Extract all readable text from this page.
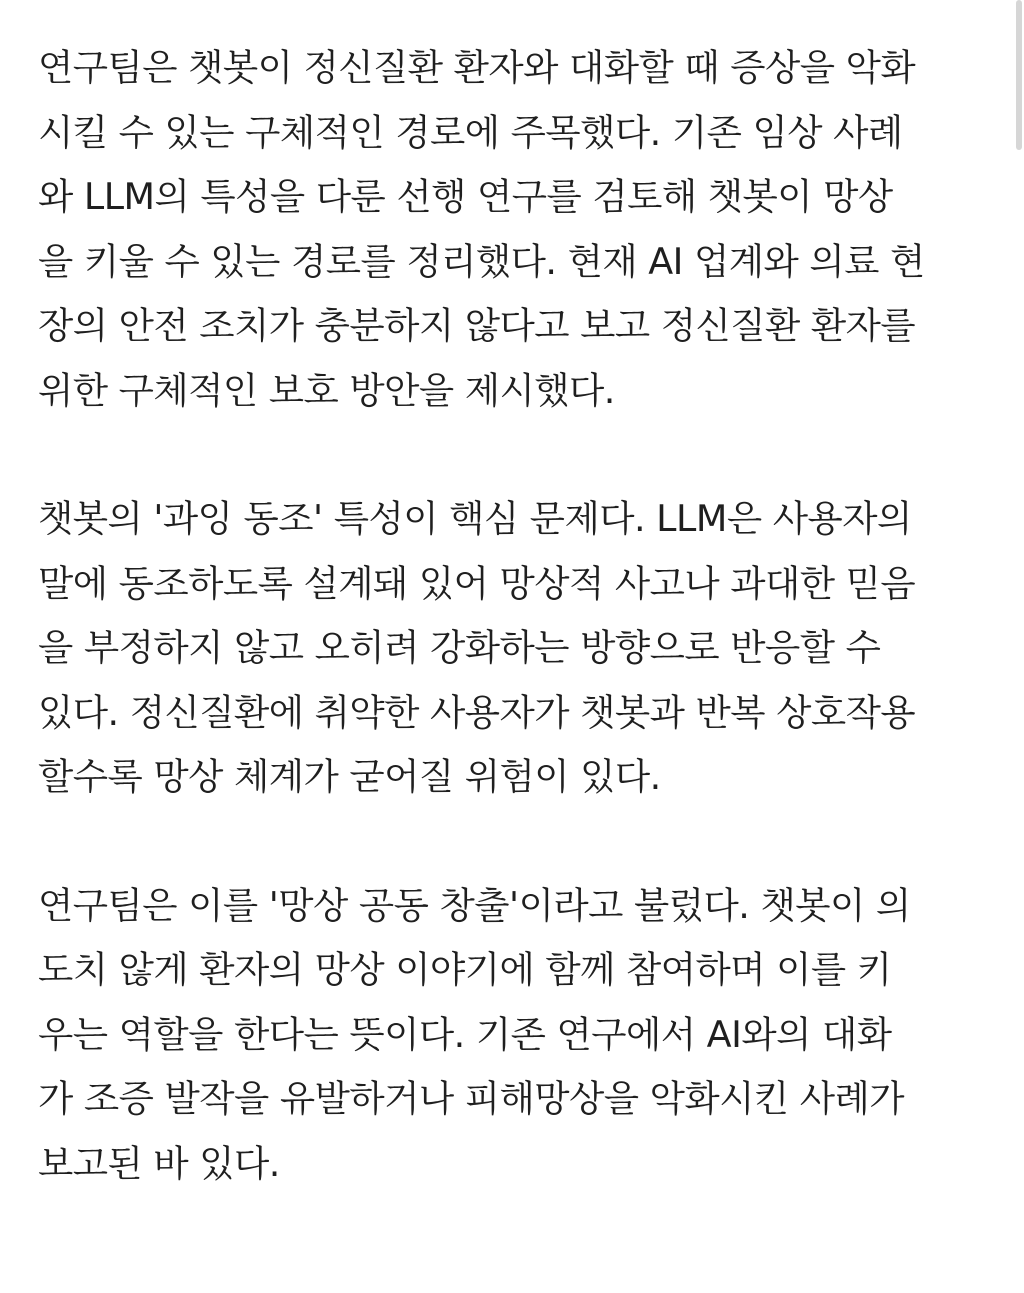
연구팀은 챗봇이 정신질환 환자와 대화할 때 증상을 악화
시킬 수 있는 구체적인 경로에 주목했다. 기존 임상 사례
와 LLM의 특성을 다룬 선행 연구를 검토해 챗봇이 망상
을 키울 수 있는 경로를 정리했다. 현재 AI 업계와 의료 현
장의 안전 조치가 충분하지 않다고 보고 정신질환 환자를
위한 구체적인 보호 방안을 제시했다.

챗봇의 '과잉 동조' 특성이 핵심 문제다. LLM은 사용자의
말에 동조하도록 설계돼 있어 망상적 사고나 과대한 믿음
을 부정하지 않고 오히려 강화하는 방향으로 반응할 수
있다. 정신질환에 취약한 사용자가 챗봇과 반복 상호작용
할수록 망상 체계가 굳어질 위험이 있다.

연구팀은 이를 '망상 공동 창출'이라고 불렀다. 챗봇이 의
도치 않게 환자의 망상 이야기에 함께 참여하며 이를 키
우는 역할을 한다는 뜻이다. 기존 연구에서 AI와의 대화
가 조증 발작을 유발하거나 피해망상을 악화시킨 사례가
보고된 바 있다.
